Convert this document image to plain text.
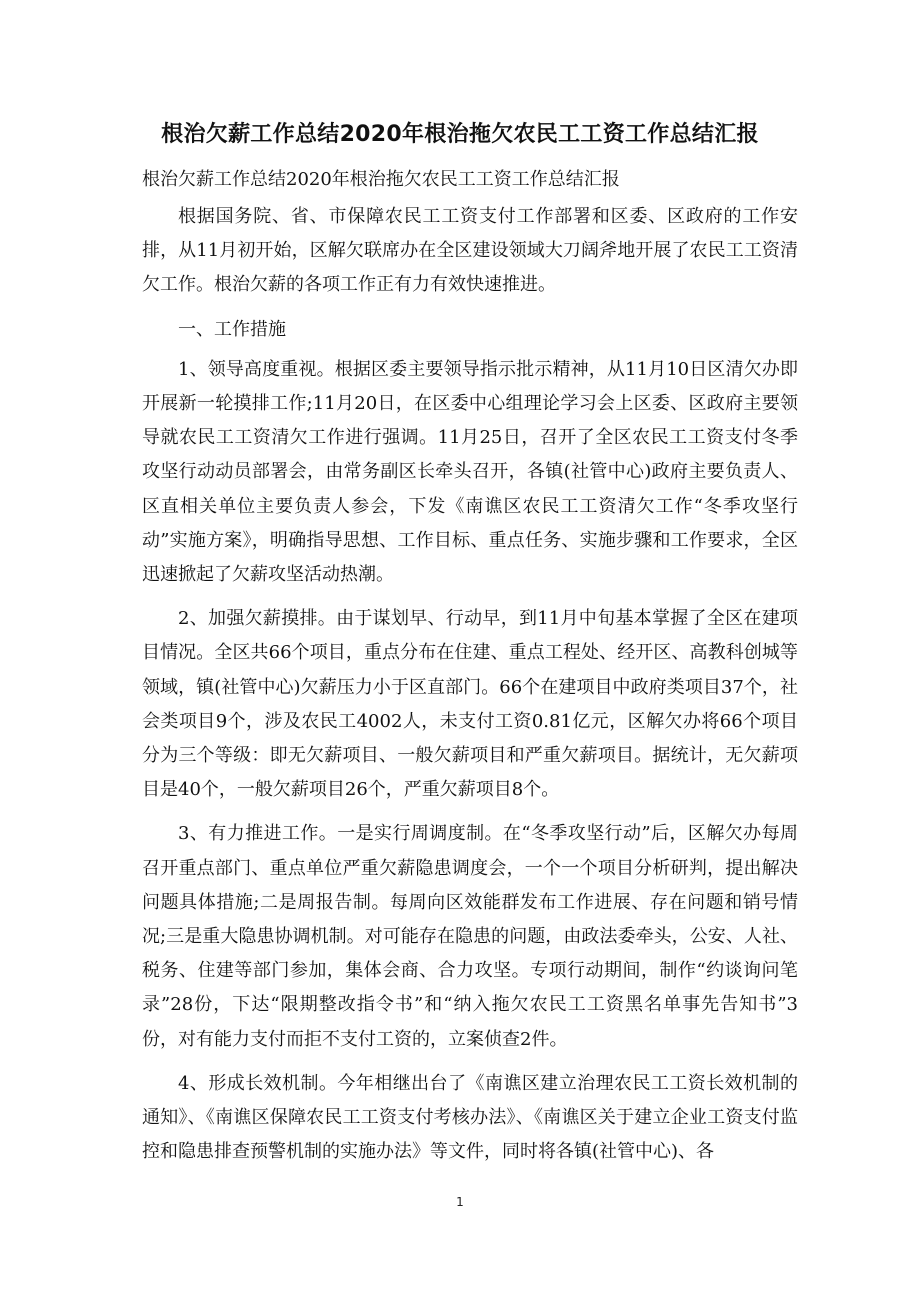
根治欠薪工作总结2020年根治拖欠农民工工资工作总结汇报
根治欠薪工作总结2020年根治拖欠农民工工资工作总结汇报

根据国务院、省、市保障农民工工资支付工作部署和区委、区政府的工作安排，从11月初开始，区解欠联席办在全区建设领域大刀阔斧地开展了农民工工资清欠工作。根治欠薪的各项工作正有力有效快速推进。

一、工作措施

1、领导高度重视。根据区委主要领导指示批示精神，从11月10日区清欠办即开展新一轮摸排工作;11月20日，在区委中心组理论学习会上区委、区政府主要领导就农民工工资清欠工作进行强调。11月25日，召开了全区农民工工资支付冬季攻坚行动动员部署会，由常务副区长牵头召开，各镇(社管中心)政府主要负责人、区直相关单位主要负责人参会，下发《南谯区农民工工资清欠工作“冬季攻坚行动”实施方案》，明确指导思想、工作目标、重点任务、实施步骤和工作要求，全区迅速掀起了欠薪攻坚活动热潮。

2、加强欠薪摸排。由于谋划早、行动早，到11月中旬基本掌握了全区在建项目情况。全区共66个项目，重点分布在住建、重点工程处、经开区、高教科创城等领域，镇(社管中心)欠薪压力小于区直部门。66个在建项目中政府类项目37个，社会类项目9个，涉及农民工4002人，未支付工资0.81亿元，区解欠办将66个项目分为三个等级：即无欠薪项目、一般欠薪项目和严重欠薪项目。据统计，无欠薪项目是40个，一般欠薪项目26个，严重欠薪项目8个。

3、有力推进工作。一是实行周调度制。在“冬季攻坚行动”后，区解欠办每周召开重点部门、重点单位严重欠薪隐患调度会，一个一个项目分析研判，提出解决问题具体措施;二是周报告制。每周向区效能群发布工作进展、存在问题和销号情况;三是重大隐患协调机制。对可能存在隐患的问题，由政法委牵头，公安、人社、税务、住建等部门参加，集体会商、合力攻坚。专项行动期间，制作“约谈询问笔录”28份，下达“限期整改指令书”和“纳入拖欠农民工工资黑名单事先告知书”3份，对有能力支付而拒不支付工资的，立案侦查2件。

4、形成长效机制。今年相继出台了《南谯区建立治理农民工工资长效机制的通知》、《南谯区保障农民工工资支付考核办法》、《南谯区关于建立企业工资支付监控和隐患排查预警机制的实施办法》等文件，同时将各镇(社管中心)、各

1
